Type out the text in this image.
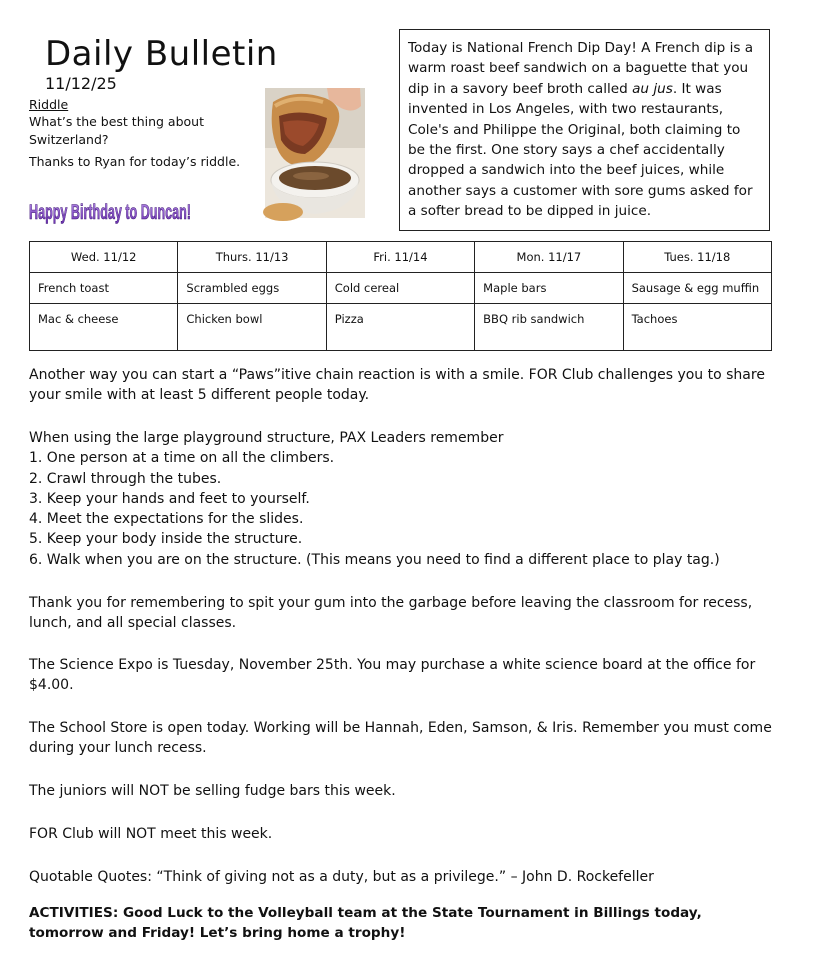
Daily Bulletin
11/12/25
Riddle
What’s the best thing about Switzerland?
Thanks to Ryan for today’s riddle.
Happy Birthday to Duncan!
Today is National French Dip Day! A French dip is a warm roast beef sandwich on a baguette that you dip in a savory beef broth called au jus. It was invented in Los Angeles, with two restaurants, Cole's and Philippe the Original, both claiming to be the first. One story says a chef accidentally dropped a sandwich into the beef juices, while another says a customer with sore gums asked for a softer bread to be dipped in juice.
Wed. 11/12	Thurs. 11/13	Fri. 11/14	Mon. 11/17	Tues. 11/18
French toast	Scrambled eggs	Cold cereal	Maple bars	Sausage & egg muffin
Mac & cheese	Chicken bowl	Pizza	BBQ rib sandwich	Tachoes

Another way you can start a “Paws”itive chain reaction is with a smile. FOR Club challenges you to share your smile with at least 5 different people today.

When using the large playground structure, PAX Leaders remember
1. One person at a time on all the climbers.
2. Crawl through the tubes.
3. Keep your hands and feet to yourself.
4. Meet the expectations for the slides.
5. Keep your body inside the structure.
6. Walk when you are on the structure. (This means you need to find a different place to play tag.)

Thank you for remembering to spit your gum into the garbage before leaving the classroom for recess, lunch, and all special classes.

The Science Expo is Tuesday, November 25th. You may purchase a white science board at the office for $4.00.

The School Store is open today. Working will be Hannah, Eden, Samson, & Iris. Remember you must come during your lunch recess.

The juniors will NOT be selling fudge bars this week.

FOR Club will NOT meet this week.

Quotable Quotes: “Think of giving not as a duty, but as a privilege.” – John D. Rockefeller

ACTIVITIES: Good Luck to the Volleyball team at the State Tournament in Billings today, tomorrow and Friday! Let’s bring home a trophy!
